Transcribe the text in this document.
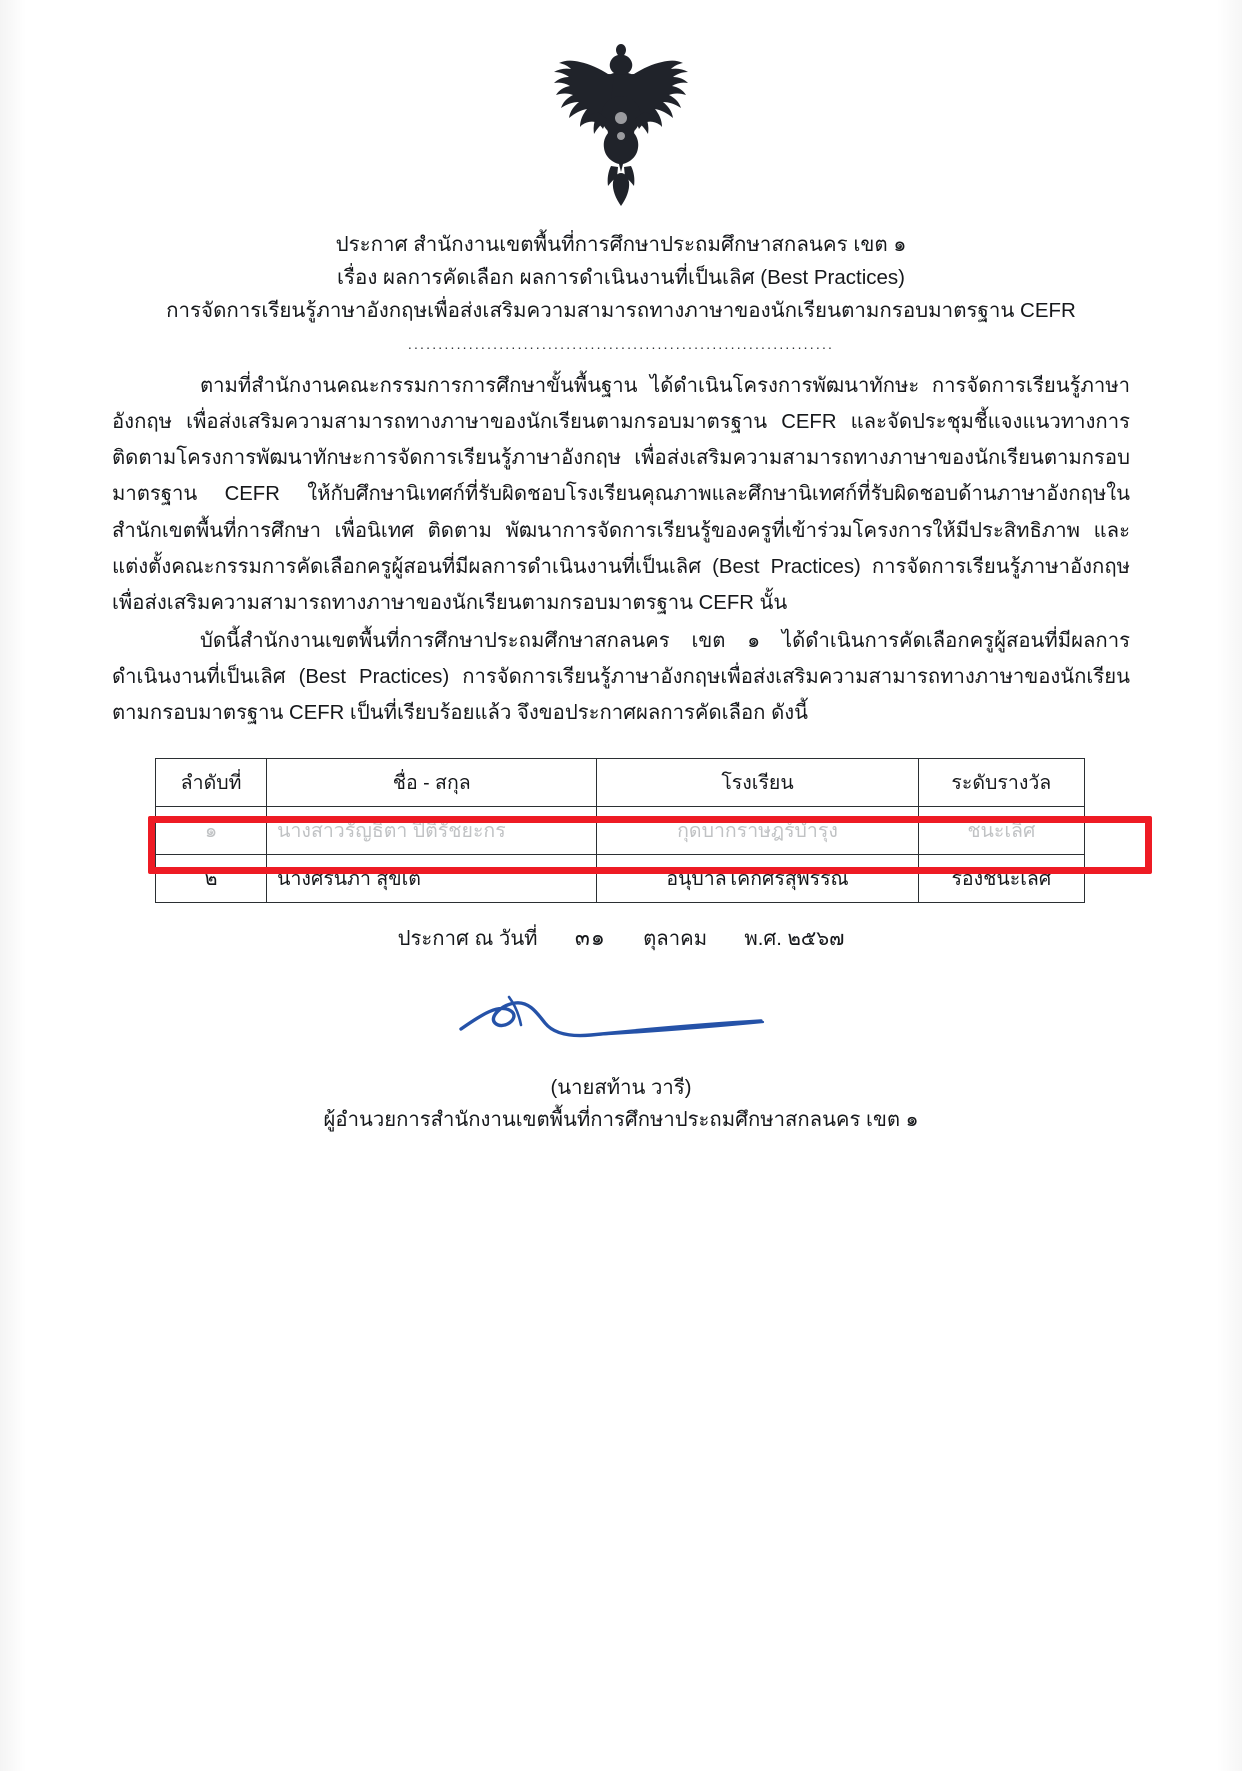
ประกาศ สำนักงานเขตพื้นที่การศึกษาประถมศึกษาสกลนคร เขต ๑
เรื่อง ผลการคัดเลือก ผลการดำเนินงานที่เป็นเลิศ (Best Practices)
การจัดการเรียนรู้ภาษาอังกฤษเพื่อส่งเสริมความสามารถทางภาษาของนักเรียนตามกรอบมาตรฐาน CEFR
......................................................................

ตามที่สำนักงานคณะกรรมการการศึกษาขั้นพื้นฐาน ได้ดำเนินโครงการพัฒนาทักษะ การจัดการเรียนรู้ภาษาอังกฤษ เพื่อส่งเสริมความสามารถทางภาษาของนักเรียนตามกรอบมาตรฐาน CEFR และจัดประชุมชี้แจงแนวทางการติดตามโครงการพัฒนาทักษะการจัดการเรียนรู้ภาษาอังกฤษ เพื่อส่งเสริมความสามารถทางภาษาของนักเรียนตามกรอบมาตรฐาน CEFR ให้กับศึกษานิเทศก์ที่รับผิดชอบโรงเรียนคุณภาพและศึกษานิเทศก์ที่รับผิดชอบด้านภาษาอังกฤษในสำนักเขตพื้นที่การศึกษา เพื่อนิเทศ ติดตาม พัฒนาการจัดการเรียนรู้ของครูที่เข้าร่วมโครงการให้มีประสิทธิภาพ และแต่งตั้งคณะกรรมการคัดเลือกครูผู้สอนที่มีผลการดำเนินงานที่เป็นเลิศ (Best Practices) การจัดการเรียนรู้ภาษาอังกฤษ เพื่อส่งเสริมความสามารถทางภาษาของนักเรียนตามกรอบมาตรฐาน CEFR นั้น

บัดนี้สำนักงานเขตพื้นที่การศึกษาประถมศึกษาสกลนคร เขต ๑ ได้ดำเนินการคัดเลือกครูผู้สอนที่มีผลการดำเนินงานที่เป็นเลิศ (Best Practices) การจัดการเรียนรู้ภาษาอังกฤษเพื่อส่งเสริมความสามารถทางภาษาของนักเรียนตามกรอบมาตรฐาน CEFR เป็นที่เรียบร้อยแล้ว จึงขอประกาศผลการคัดเลือก ดังนี้

ลำดับที่	ชื่อ - สกุล	โรงเรียน	ระดับรางวัล
๑	นางสาวรัญธิตา ปิติรัชยะกร	กุดบากราษฎร์บำรุง	ชนะเลิศ
๒	นางศิรินภา สุขเต	อนุบาลโคกศรีสุพรรณ	รองชนะเลิศ
ประกาศ ณ วันที่ ๓๑ ตุลาคม พ.ศ. ๒๕๖๗
(นายสท้าน วารี)
ผู้อำนวยการสำนักงานเขตพื้นที่การศึกษาประถมศึกษาสกลนคร เขต ๑
